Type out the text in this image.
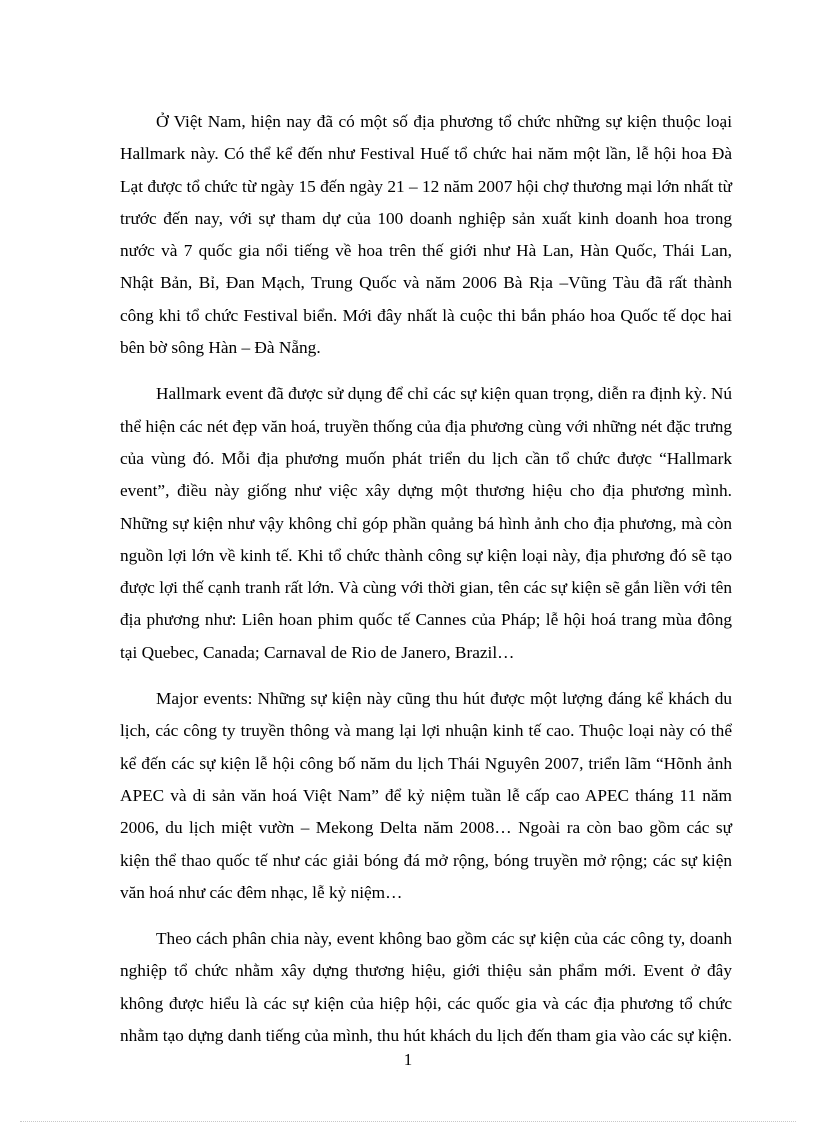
Ở Việt Nam, hiện nay đã có một số địa phương tổ chức những sự kiện thuộc loại Hallmark này. Có thể kể đến như Festival Huế tổ chức hai năm một lần, lễ hội hoa Đà Lạt được tổ chức từ ngày 15 đến ngày 21 – 12 năm 2007 hội chợ thương mại lớn nhất từ trước đến nay, với sự tham dự của 100 doanh nghiệp sản xuất kinh doanh hoa trong nước và 7 quốc gia nổi tiếng về hoa trên thế giới như Hà Lan, Hàn Quốc, Thái Lan, Nhật Bản, Bỉ, Đan Mạch, Trung Quốc và năm 2006 Bà Rịa –Vũng Tàu đã rất thành công khi tổ chức Festival biển. Mới đây nhất là cuộc thi bắn pháo hoa Quốc tế dọc hai bên bờ sông Hàn – Đà Nẵng.

Hallmark event đã được sử dụng để chỉ các sự kiện quan trọng, diễn ra định kỳ. Nú thể hiện các nét đẹp văn hoá, truyền thống của địa phương cùng với những nét đặc trưng của vùng đó. Mỗi địa phương muốn phát triển du lịch cần tổ chức được “Hallmark event”, điều này giống như việc xây dựng một thương hiệu cho địa phương mình. Những sự kiện như vậy không chỉ góp phần quảng bá hình ảnh cho địa phương, mà còn nguồn lợi lớn về kinh tế. Khi tổ chức thành công sự kiện loại này, địa phương đó sẽ tạo được lợi thế cạnh tranh rất lớn. Và cùng với thời gian, tên các sự kiện sẽ gắn liền với tên địa phương như: Liên hoan phim quốc tế Cannes của Pháp; lễ hội hoá trang mùa đông tại Quebec, Canada; Carnaval de Rio de Janero, Brazil…

Major events: Những sự kiện này cũng thu hút được một lượng đáng kể khách du lịch, các công ty truyền thông và mang lại lợi nhuận kinh tế cao. Thuộc loại này có thể kể đến các sự kiện lễ hội công bố năm du lịch Thái Nguyên 2007, triển lãm “Hõnh ảnh APEC và di sản văn hoá Việt Nam” để kỷ niệm tuần lễ cấp cao APEC tháng 11 năm 2006, du lịch miệt vườn – Mekong Delta năm 2008… Ngoài ra còn bao gồm các sự kiện thể thao quốc tế như các giải bóng đá mở rộng, bóng truyền mở rộng; các sự kiện văn hoá như các đêm nhạc, lễ kỷ niệm…

Theo cách phân chia này, event không bao gồm các sự kiện của các công ty, doanh nghiệp tổ chức nhằm xây dựng thương hiệu, giới thiệu sản phẩm mới. Event ở đây không được hiểu là các sự kiện của hiệp hội, các quốc gia và các địa phương tổ chức nhằm tạo dựng danh tiếng của mình, thu hút khách du lịch đến tham gia vào các sự kiện.

1
